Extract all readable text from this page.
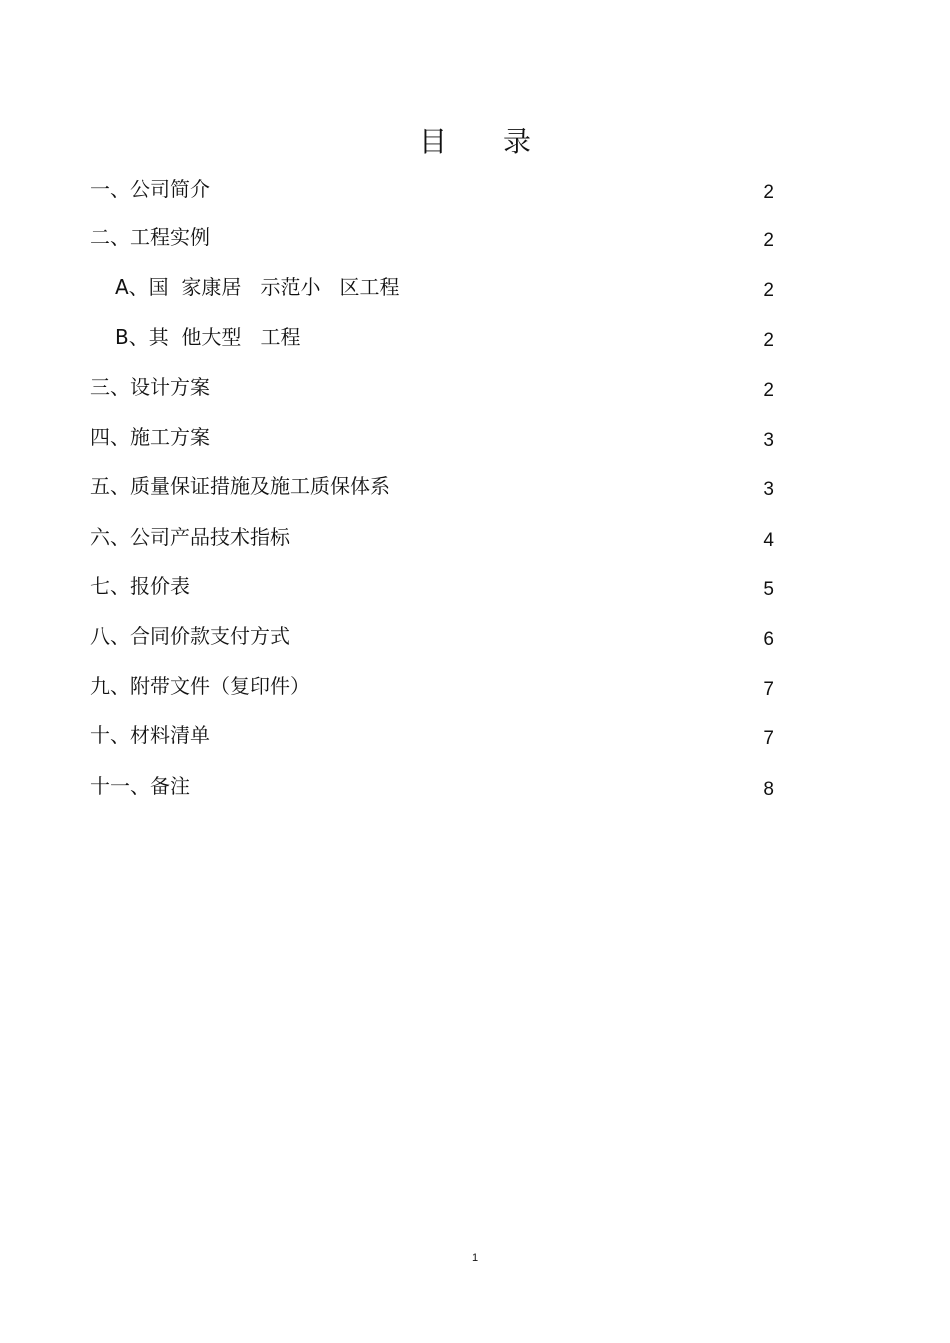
目　　录
一、公司简介	2
二、工程实例	2
A、国  家康居   示范小   区工程	2
B、其  他大型   工程	2
三、设计方案	2
四、施工方案	3
五、质量保证措施及施工质保体系	3
六、公司产品技术指标	4
七、报价表	5
八、合同价款支付方式	6
九、附带文件（复印件）	7
十、材料清单	7
十一、备注	8
1
